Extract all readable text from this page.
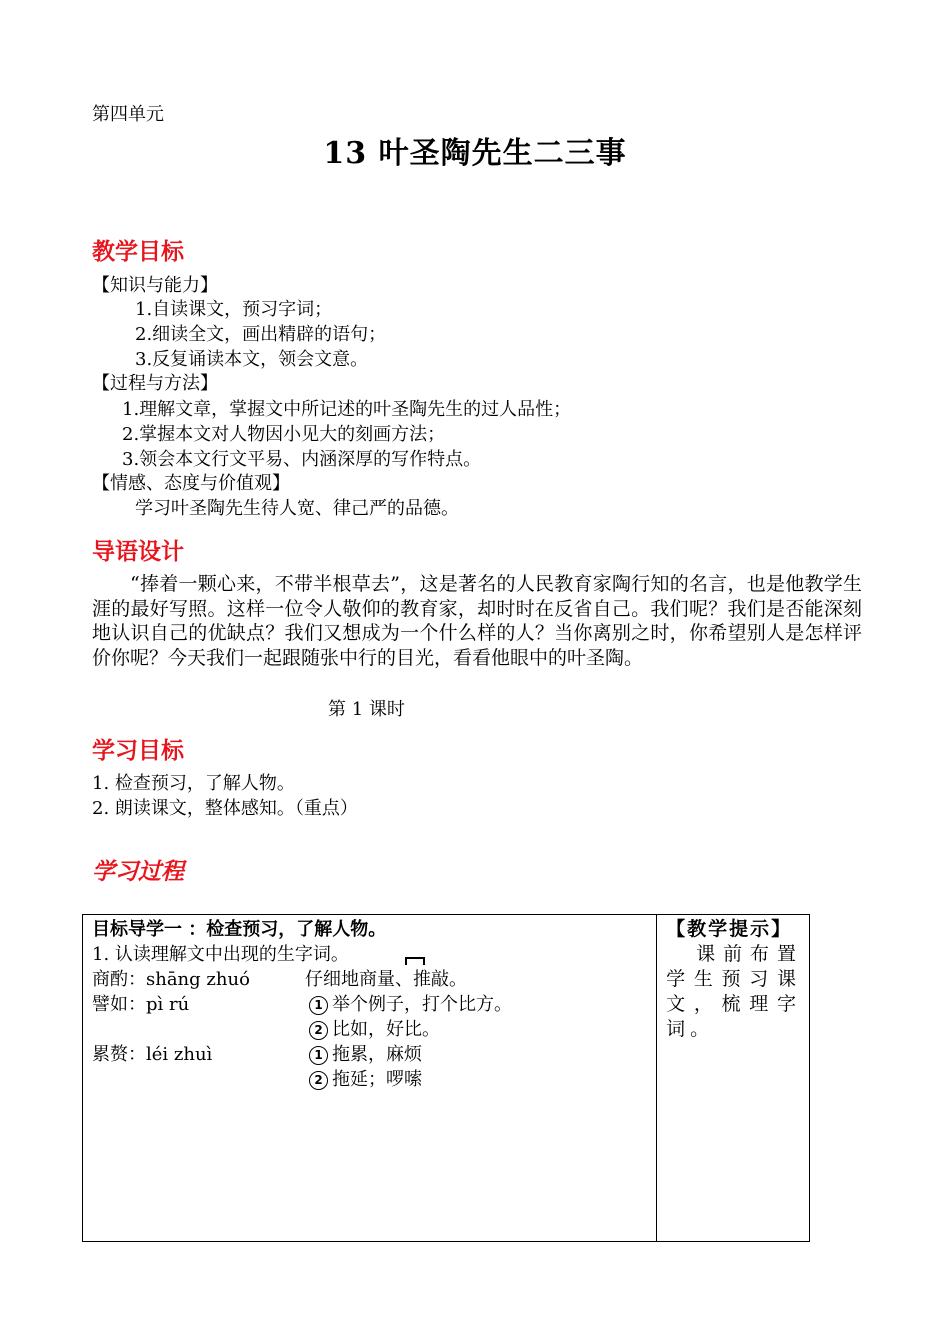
第四单元
13 叶圣陶先生二三事
教学目标
【知识与能力】
1.自读课文，预习字词；
2.细读全文，画出精辟的语句；
3.反复诵读本文，领会文意。
【过程与方法】
1.理解文章，掌握文中所记述的叶圣陶先生的过人品性；
2.掌握本文对人物因小见大的刻画方法；
3.领会本文行文平易、内涵深厚的写作特点。
【情感、态度与价值观】
学习叶圣陶先生待人宽、律己严的品德。
导语设计

“捧着一颗心来，不带半根草去”，这是著名的人民教育家陶行知的名言，也是他教学生涯的最好写照。这样一位令人敬仰的教育家，却时时在反省自己。我们呢？我们是否能深刻地认识自己的优缺点？我们又想成为一个什么样的人？当你离别之时，你希望别人是怎样评价你呢？今天我们一起跟随张中行的目光，看看他眼中的叶圣陶。

第 1 课时
学习目标
1. 检查预习，了解人物。
2. 朗读课文，整体感知。（重点）
学习过程
目标导学一 ：检查预习，了解人物。
1. 认读理解文中出现的生字词。
商酌：shāng zhuó	仔细地商量、推敲。
譬如：pì rú	1 举个例子，打个比方。
2 比如，好比。
累赘：léi zhuì	1 拖累，麻烦
2 拖延；啰嗦

【教学提示】
课前布置学生预习课文，梳理字词。
